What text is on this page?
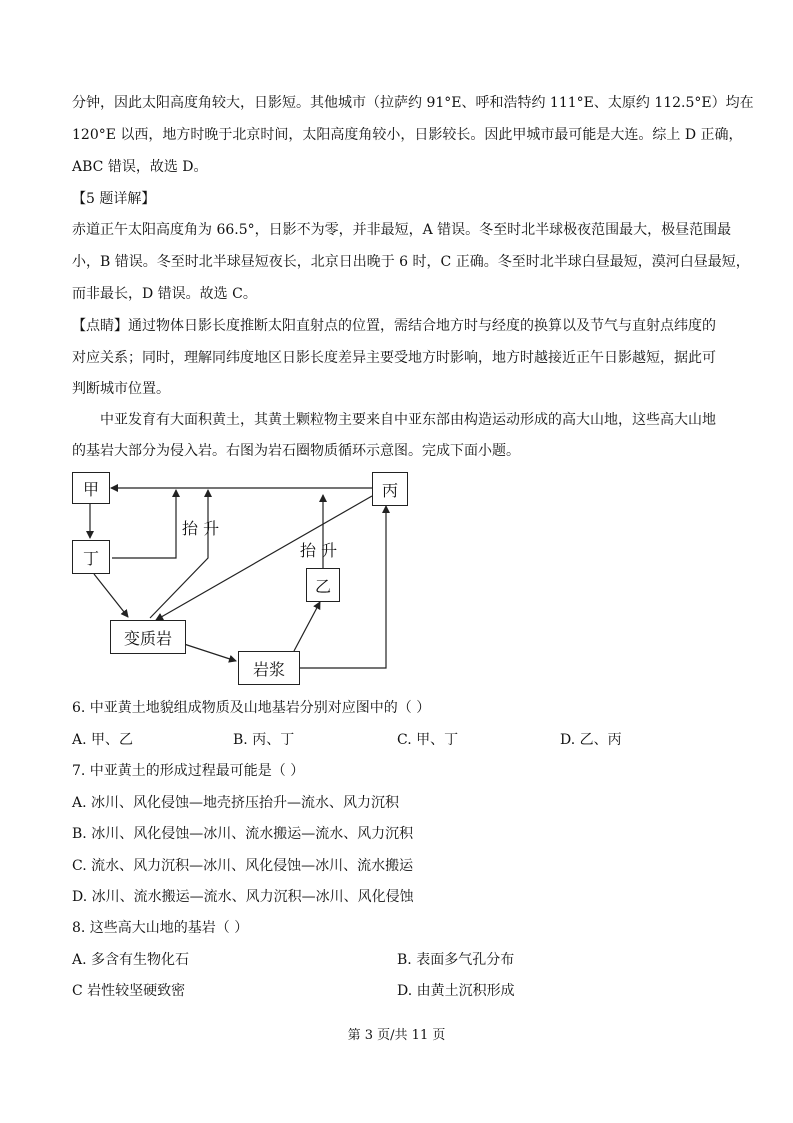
分钟，因此太阳高度角较大，日影短。其他城市（拉萨约 91°E、呼和浩特约 111°E、太原约 112.5°E）均在
120°E 以西，地方时晚于北京时间，太阳高度角较小，日影较长。因此甲城市最可能是大连。综上 D 正确，
ABC 错误，故选 D。
【5 题详解】
赤道正午太阳高度角为 66.5°，日影不为零，并非最短，A 错误。冬至时北半球极夜范围最大，极昼范围最
小，B 错误。冬至时北半球昼短夜长，北京日出晚于 6 时，C 正确。冬至时北半球白昼最短，漠河白昼最短，
而非最长，D 错误。故选 C。
【点睛】通过物体日影长度推断太阳直射点的位置，需结合地方时与经度的换算以及节气与直射点纬度的
对应关系；同时，理解同纬度地区日影长度差异主要受地方时影响，地方时越接近正午日影越短，据此可
判断城市位置。
中亚发育有大面积黄土，其黄土颗粒物主要来自中亚东部由构造运动形成的高大山地，这些高大山地
的基岩大部分为侵入岩。右图为岩石圈物质循环示意图。完成下面小题。
甲	丙
丁
乙
变质岩
岩浆
抬 升
抬 升
6. 中亚黄土地貌组成物质及山地基岩分别对应图中的（ ）
A. 甲、乙	B. 丙、丁	C. 甲、丁	D. 乙、丙
7. 中亚黄土的形成过程最可能是（ ）
A. 冰川、风化侵蚀—地壳挤压抬升—流水、风力沉积
B. 冰川、风化侵蚀—冰川、流水搬运—流水、风力沉积
C. 流水、风力沉积—冰川、风化侵蚀—冰川、流水搬运
D. 冰川、流水搬运—流水、风力沉积—冰川、风化侵蚀
8. 这些高大山地的基岩（ ）
A. 多含有生物化石	B. 表面多气孔分布
C 岩性较坚硬致密	D. 由黄土沉积形成
第 3 页/共 11 页
